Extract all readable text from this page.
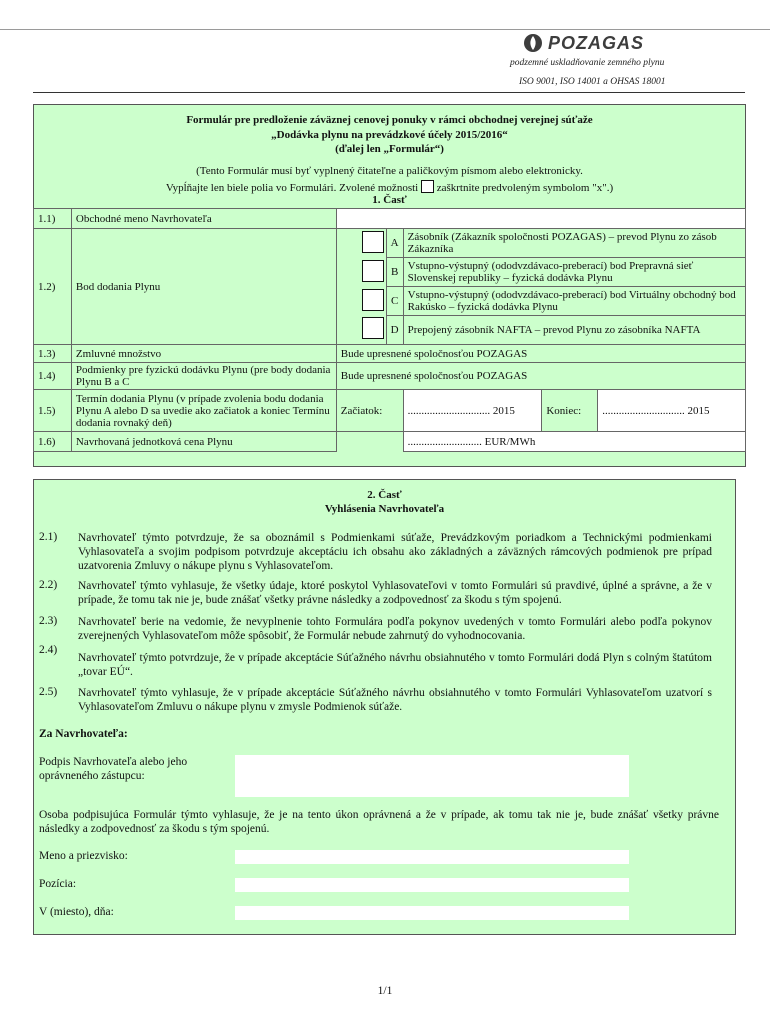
POZAGAS
podzemné uskladňovanie zemného plynu
ISO 9001, ISO 14001 a OHSAS 18001
Formulár pre predloženie záväznej cenovej ponuky v rámci obchodnej verejnej súťaže
„Dodávka plynu na prevádzkové účely 2015/2016“
(ďalej len „Formulár“)
(Tento Formulár musí byť vyplnený čitateľne a paličkovým písmom alebo elektronicky.
Vypĺňajte len biele polia vo Formulári. Zvolené možnosti zaškrtnite predvoleným symbolom "x".)
1. Časť
1.1)	Obchodné meno Navrhovateľa					
1.2)	Bod dodania Plynu		A	Zásobník (Zákazník spoločnosti POZAGAS) – prevod Plynu zo zásob Zákazníka		
			B	Vstupno-výstupný (ododvzdávaco-preberací) bod Prepravná sieť Slovenskej republiky – fyzická dodávka Plynu		
			C	Vstupno-výstupný (ododvzdávaco-preberací) bod Virtuálny obchodný bod Rakúsko – fyzická dodávka Plynu		
			D	Prepojený zásobník NAFTA – prevod Plynu zo zásobníka NAFTA		
1.3)	Zmluvné množstvo	Bude upresnené spoločnosťou POZAGAS				
1.4)	Podmienky pre fyzickú dodávku Plynu (pre body dodania Plynu B a C	Bude upresnené spoločnosťou POZAGAS				
1.5)	Termín dodania Plynu (v prípade zvolenia bodu dodania Plynu A alebo D sa uvedie ako začiatok a koniec Termínu dodania rovnaký deň)	Začiatok:		.............................. 2015	Koniec:	.............................. 2015
1.6)	Navrhovaná jednotková cena Plynu			........................... EUR/MWh		
2. Časť
Vyhlásenia Navrhovateľa
2.1) Navrhovateľ týmto potvrdzuje, že sa oboznámil s Podmienkami súťaže, Prevádzkovým poriadkom a Technickými podmienkami Vyhlasovateľa a svojim podpisom potvrdzuje akceptáciu ich obsahu ako základných a záväzných rámcových podmienok pre prípad uzatvorenia Zmluvy o nákupe plynu s Vyhlasovateľom.
2.2) Navrhovateľ týmto vyhlasuje, že všetky údaje, ktoré poskytol Vyhlasovateľovi v tomto Formulári sú pravdivé, úplné a správne, a že v prípade, že tomu tak nie je, bude znášať všetky právne následky a zodpovednosť za škodu s tým spojenú.
2.3) Navrhovateľ berie na vedomie, že nevyplnenie tohto Formulára podľa pokynov uvedených v tomto Formulári alebo podľa pokynov zverejnených Vyhlasovateľom môže spôsobiť, že Formulár nebude zahrnutý do vyhodnocovania.
2.4)
Navrhovateľ týmto potvrdzuje, že v prípade akceptácie Súťažného návrhu obsiahnutého v tomto Formulári dodá Plyn s colným štatútom „tovar EÚ“.
2.5) Navrhovateľ týmto vyhlasuje, že v prípade akceptácie Súťažného návrhu obsiahnutého v tomto Formulári Vyhlasovateľom uzatvorí s Vyhlasovateľom Zmluvu o nákupe plynu v zmysle Podmienok súťaže.
Za Navrhovateľa:
Podpis Navrhovateľa alebo jeho oprávneného zástupcu:
Osoba podpisujúca Formulár týmto vyhlasuje, že je na tento úkon oprávnená a že v prípade, ak tomu tak nie je, bude znášať všetky právne následky a zodpovednosť za škodu s tým spojenú.
Meno a priezvisko:
Pozícia:
V (miesto), dňa:
1/1
